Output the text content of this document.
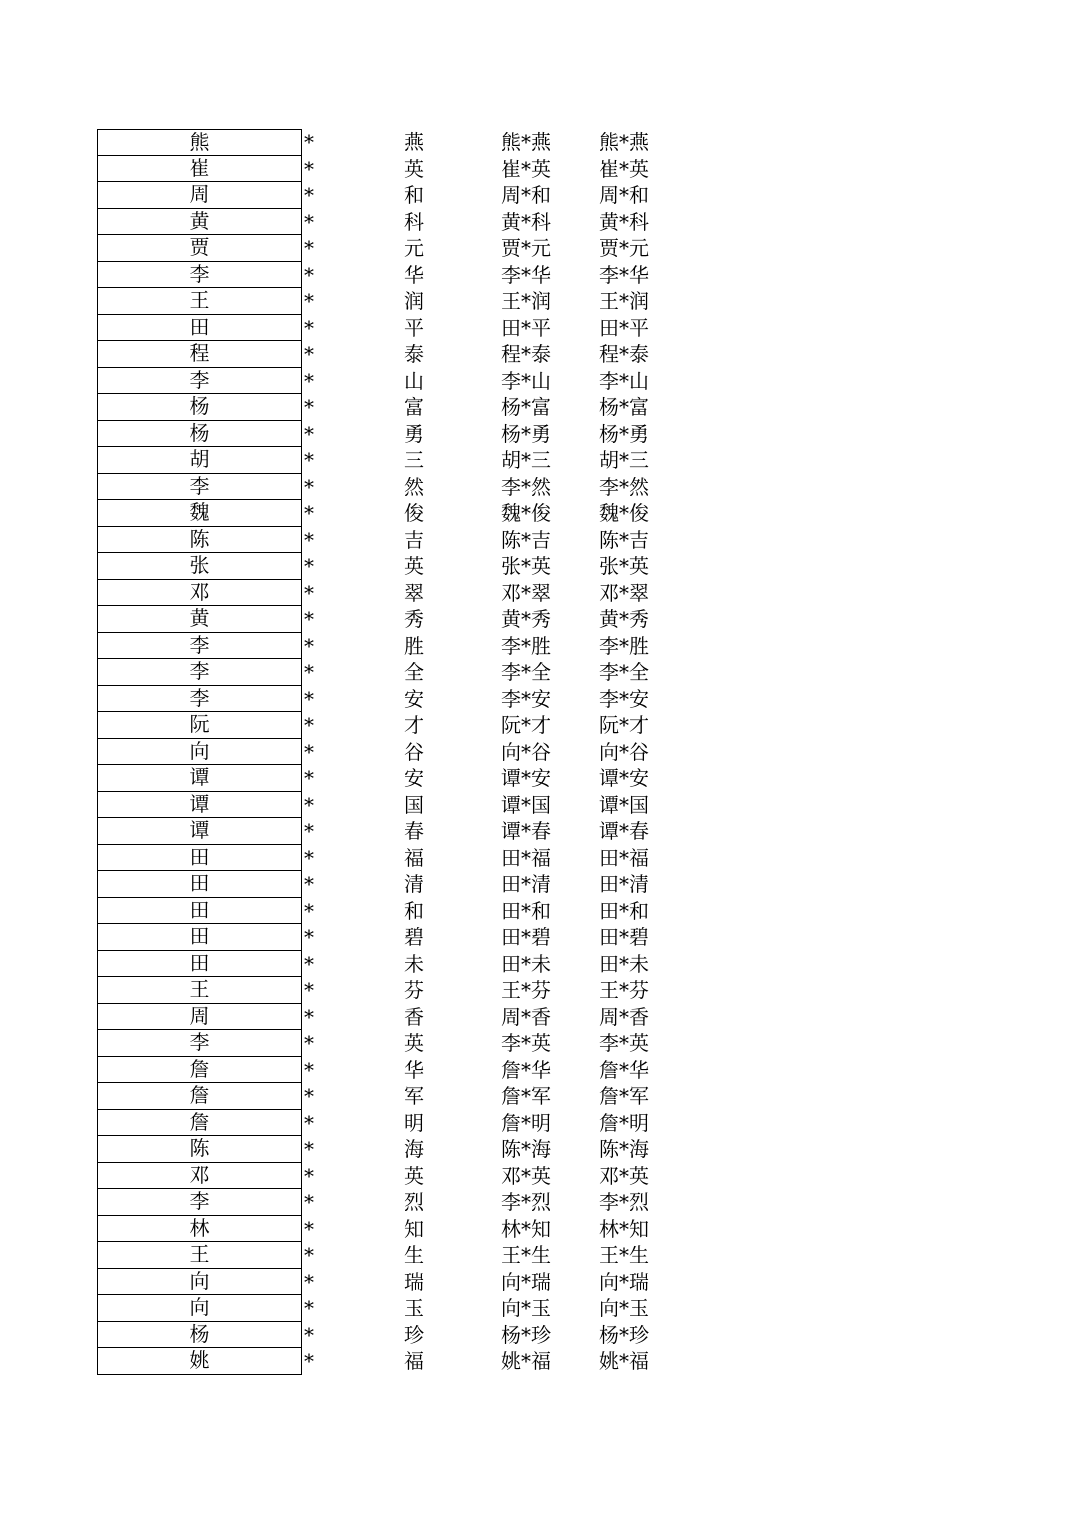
熊	*	燕	熊*燕 熊*燕
崔	*	英	崔*英 崔*英
周	*	和	周*和 周*和
黄	*	科	黄*科 黄*科
贾	*	元	贾*元 贾*元
李	*	华	李*华 李*华
王	*	润	王*润 王*润
田	*	平	田*平 田*平
程	*	泰	程*泰 程*泰
李	*	山	李*山 李*山
杨	*	富	杨*富 杨*富
杨	*	勇	杨*勇 杨*勇
胡	*	三	胡*三 胡*三
李	*	然	李*然 李*然
魏	*	俊	魏*俊 魏*俊
陈	*	吉	陈*吉 陈*吉
张	*	英	张*英 张*英
邓	*	翠	邓*翠 邓*翠
黄	*	秀	黄*秀 黄*秀
李	*	胜	李*胜 李*胜
李	*	全	李*全 李*全
李	*	安	李*安 李*安
阮	*	才	阮*才 阮*才
向	*	谷	向*谷 向*谷
谭	*	安	谭*安 谭*安
谭	*	国	谭*国 谭*国
谭	*	春	谭*春 谭*春
田	*	福	田*福 田*福
田	*	清	田*清 田*清
田	*	和	田*和 田*和
田	*	碧	田*碧 田*碧
田	*	未	田*未 田*未
王	*	芬	王*芬 王*芬
周	*	香	周*香 周*香
李	*	英	李*英 李*英
詹	*	华	詹*华 詹*华
詹	*	军	詹*军 詹*军
詹	*	明	詹*明 詹*明
陈	*	海	陈*海 陈*海
邓	*	英	邓*英 邓*英
李	*	烈	李*烈 李*烈
林	*	知	林*知 林*知
王	*	生	王*生 王*生
向	*	瑞	向*瑞 向*瑞
向	*	玉	向*玉 向*玉
杨	*	珍	杨*珍 杨*珍
姚	*	福	姚*福 姚*福
